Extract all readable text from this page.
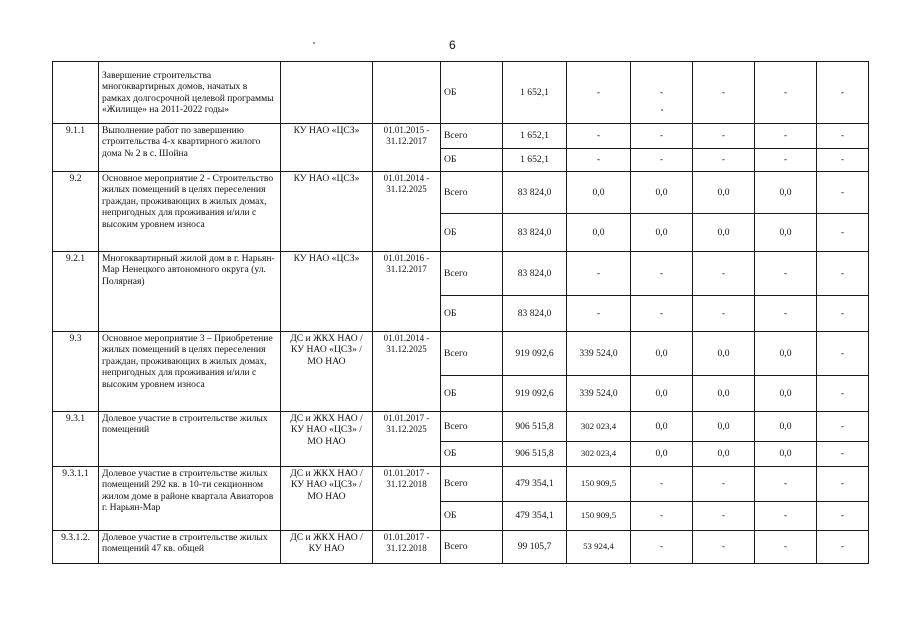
6
	Завершение строительства многоквартирных домов, начатых в рамках долгосрочной целевой программы «Жилище» на 2011-2022 годы»			ОБ	1 652,1	-	-	-	-	-
9.1.1	Выполнение работ по завершению строительства 4-х квартирного жилого дома № 2 в с. Шойна	КУ НАО «ЦСЗ»	01.01.2015 - 31.12.2017	Всего	1 652,1	-	-	-	-	-
				ОБ	1 652,1	-	-	-	-	-
9.2	Основное мероприятие 2 - Строительство жилых помещений в целях переселения граждан, проживающих в жилых домах, непригодных для проживания и/или с высоким уровнем износа	КУ НАО «ЦСЗ»	01.01.2014 - 31.12.2025	Всего	83 824,0	0,0	0,0	0,0	0,0	-
				ОБ	83 824,0	0,0	0,0	0,0	0,0	-
9.2.1	Многоквартирный жилой дом в г. Нарьян-Мар Ненецкого автономного округа (ул. Полярная)	КУ НАО «ЦСЗ»	01.01.2016 - 31.12.2017	Всего	83 824,0	-	-	-	-	-
				ОБ	83 824,0	-	-	-	-	-
9.3	Основное мероприятие 3 – Приобретение жилых помещений в целях переселения граждан, проживающих в жилых домах, непригодных для проживания и/или с высоким уровнем износа	ДС и ЖКХ НАО / КУ НАО «ЦСЗ» / МО НАО	01.01.2014 - 31.12.2025	Всего	919 092,6	339 524,0	0,0	0,0	0,0	-
				ОБ	919 092,6	339 524,0	0,0	0,0	0,0	-
9.3.1	Долевое участие в строительстве жилых помещений	ДС и ЖКХ НАО / КУ НАО «ЦСЗ» / МО НАО	01.01.2017 - 31.12.2025	Всего	906 515,8	302 023,4	0,0	0,0	0,0	-
				ОБ	906 515,8	302 023,4	0,0	0,0	0,0	-
9.3.1.1	Долевое участие в строительстве жилых помещений 292 кв. в 10-ти секционном жилом доме в районе квартала Авиаторов г. Нарьян-Мар	ДС и ЖКХ НАО / КУ НАО «ЦСЗ» / МО НАО	01.01.2017 - 31.12.2018	Всего	479 354,1	150 909,5	-	-	-	-
				ОБ	479 354,1	150 909,5	-	-	-	-
9.3.1.2.	Долевое участие в строительстве жилых помещений 47 кв. общей	ДС и ЖКХ НАО / КУ НАО	01.01.2017 - 31.12.2018	Всего	99 105,7	53 924,4	-	-	-	-
